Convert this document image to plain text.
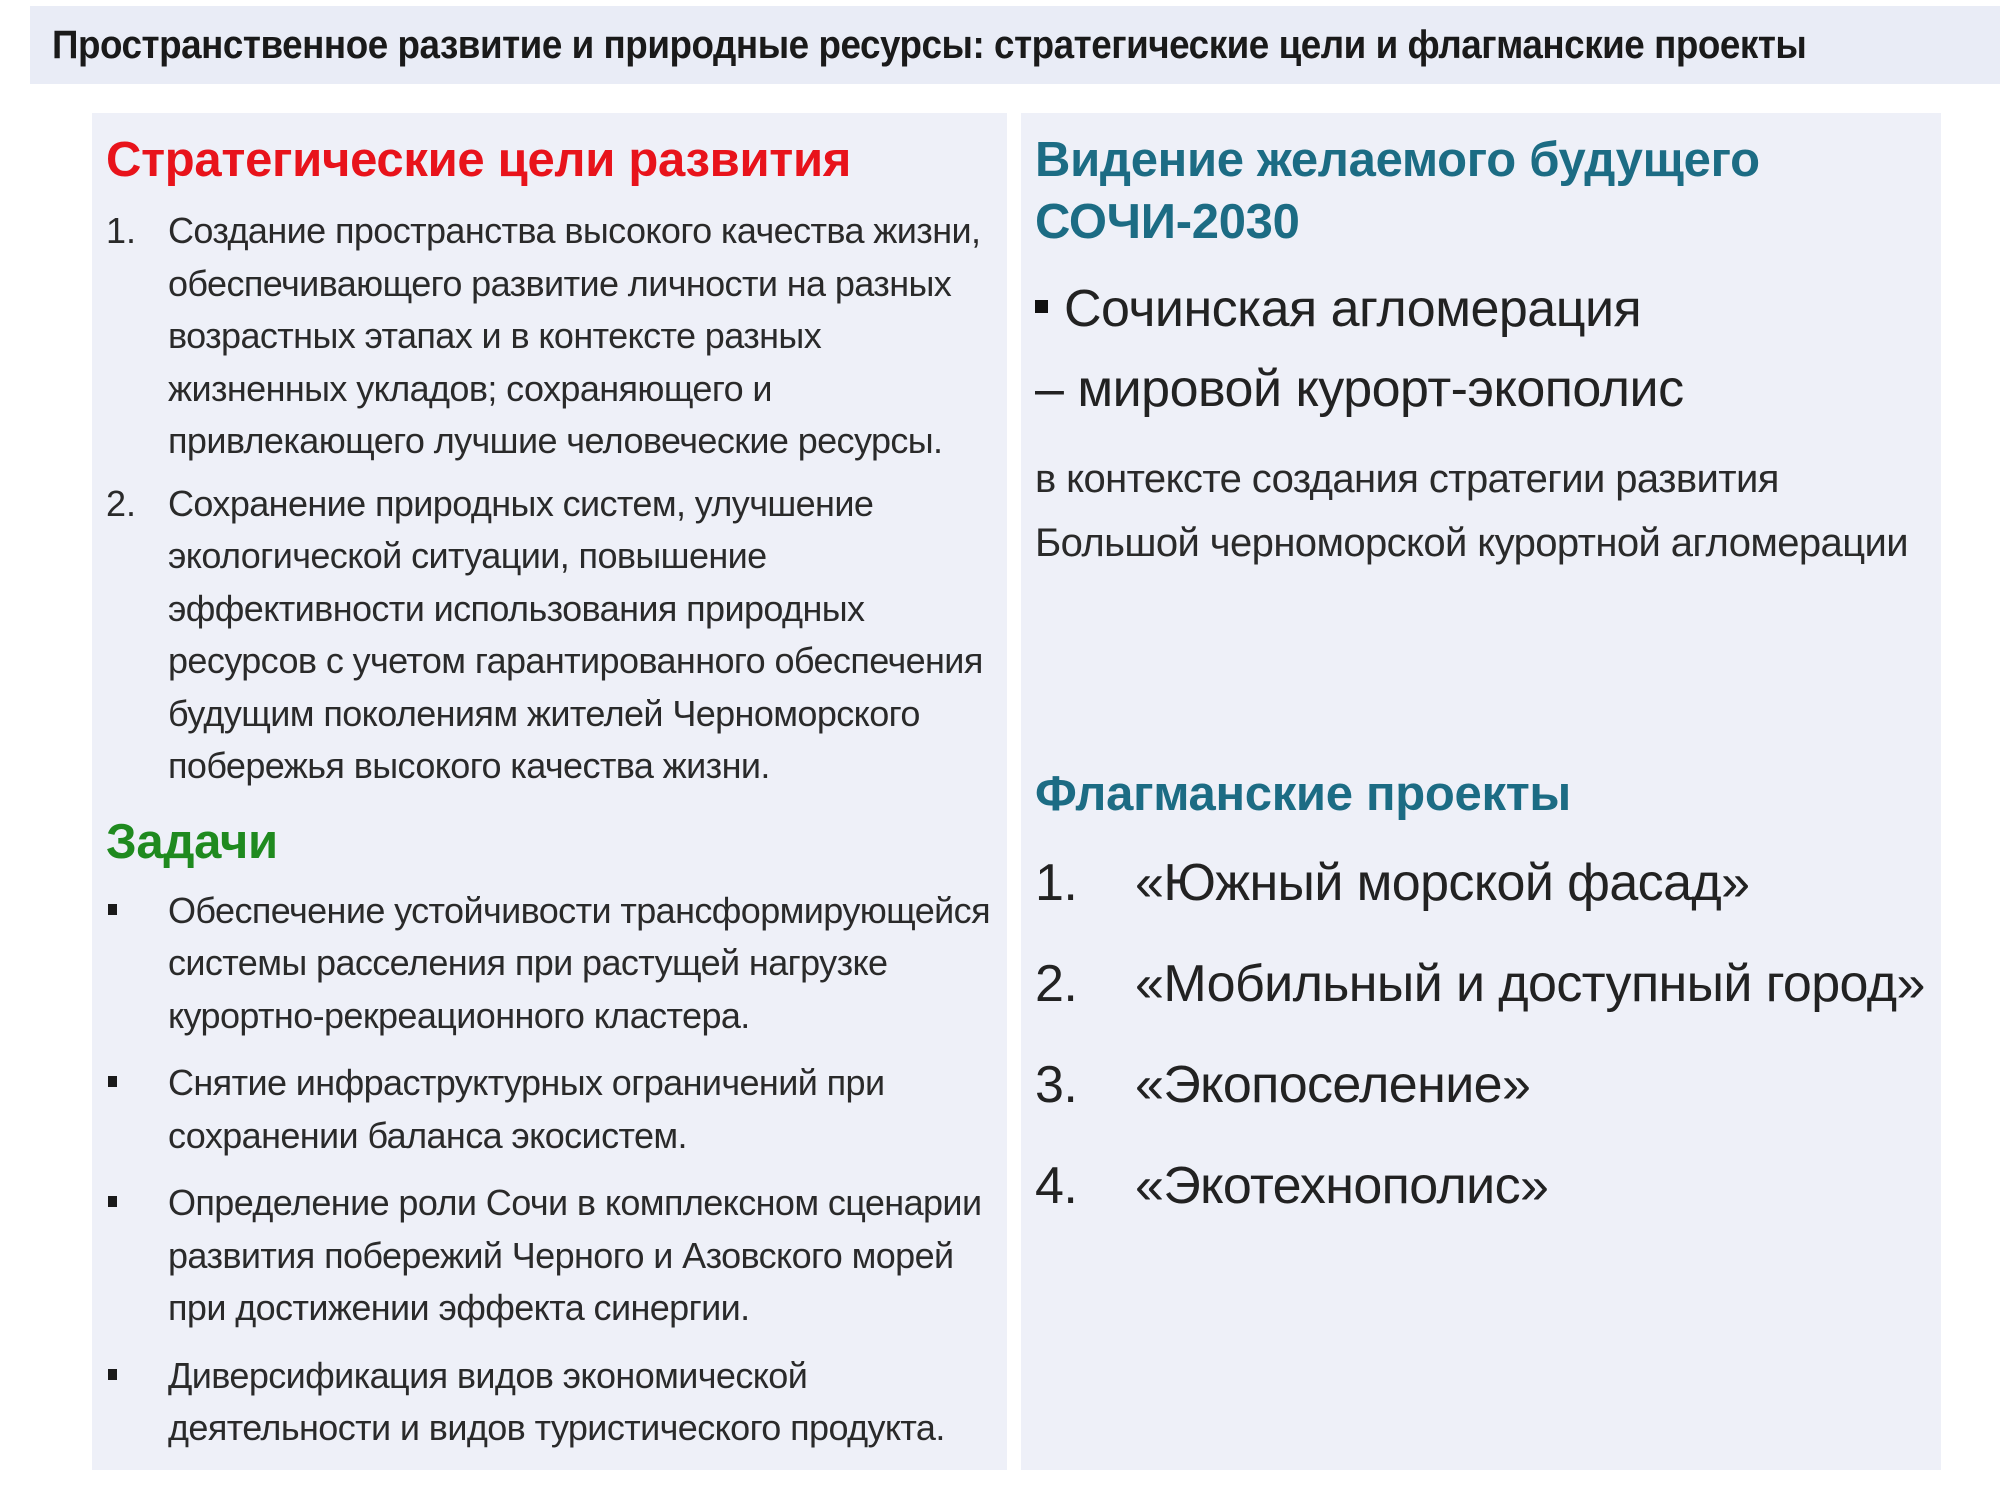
Пространственное развитие и природные ресурсы: стратегические цели и флагманские проекты
Стратегические цели развития
1. Создание пространства высокого качества жизни, обеспечивающего развитие личности на разных возрастных этапах и в контексте разных жизненных укладов; сохраняющего и привлекающего лучшие человеческие ресурсы.
2. Сохранение природных систем, улучшение экологической ситуации, повышение эффективности использования природных ресурсов с учетом гарантированного обеспечения будущим поколениям жителей Черноморского побережья высокого качества жизни.
Задачи
Обеспечение устойчивости трансформирующейся системы расселения при растущей нагрузке курортно-рекреационного кластера.
Снятие инфраструктурных ограничений при сохранении баланса экосистем.
Определение роли Сочи в комплексном сценарии развития побережий Черного и Азовского морей при достижении эффекта синергии.
Диверсификация видов экономической деятельности и видов туристического продукта.
Видение желаемого будущего
СОЧИ-2030
Сочинская агломерация
– мировой курорт-экополис
в контексте создания стратегии развития
Большой черноморской курортной агломерации
Флагманские проекты
1.	«Южный морской фасад»
2.	«Мобильный и доступный город»
3.	«Экопоселение»
4.	«Экотехнополис»
